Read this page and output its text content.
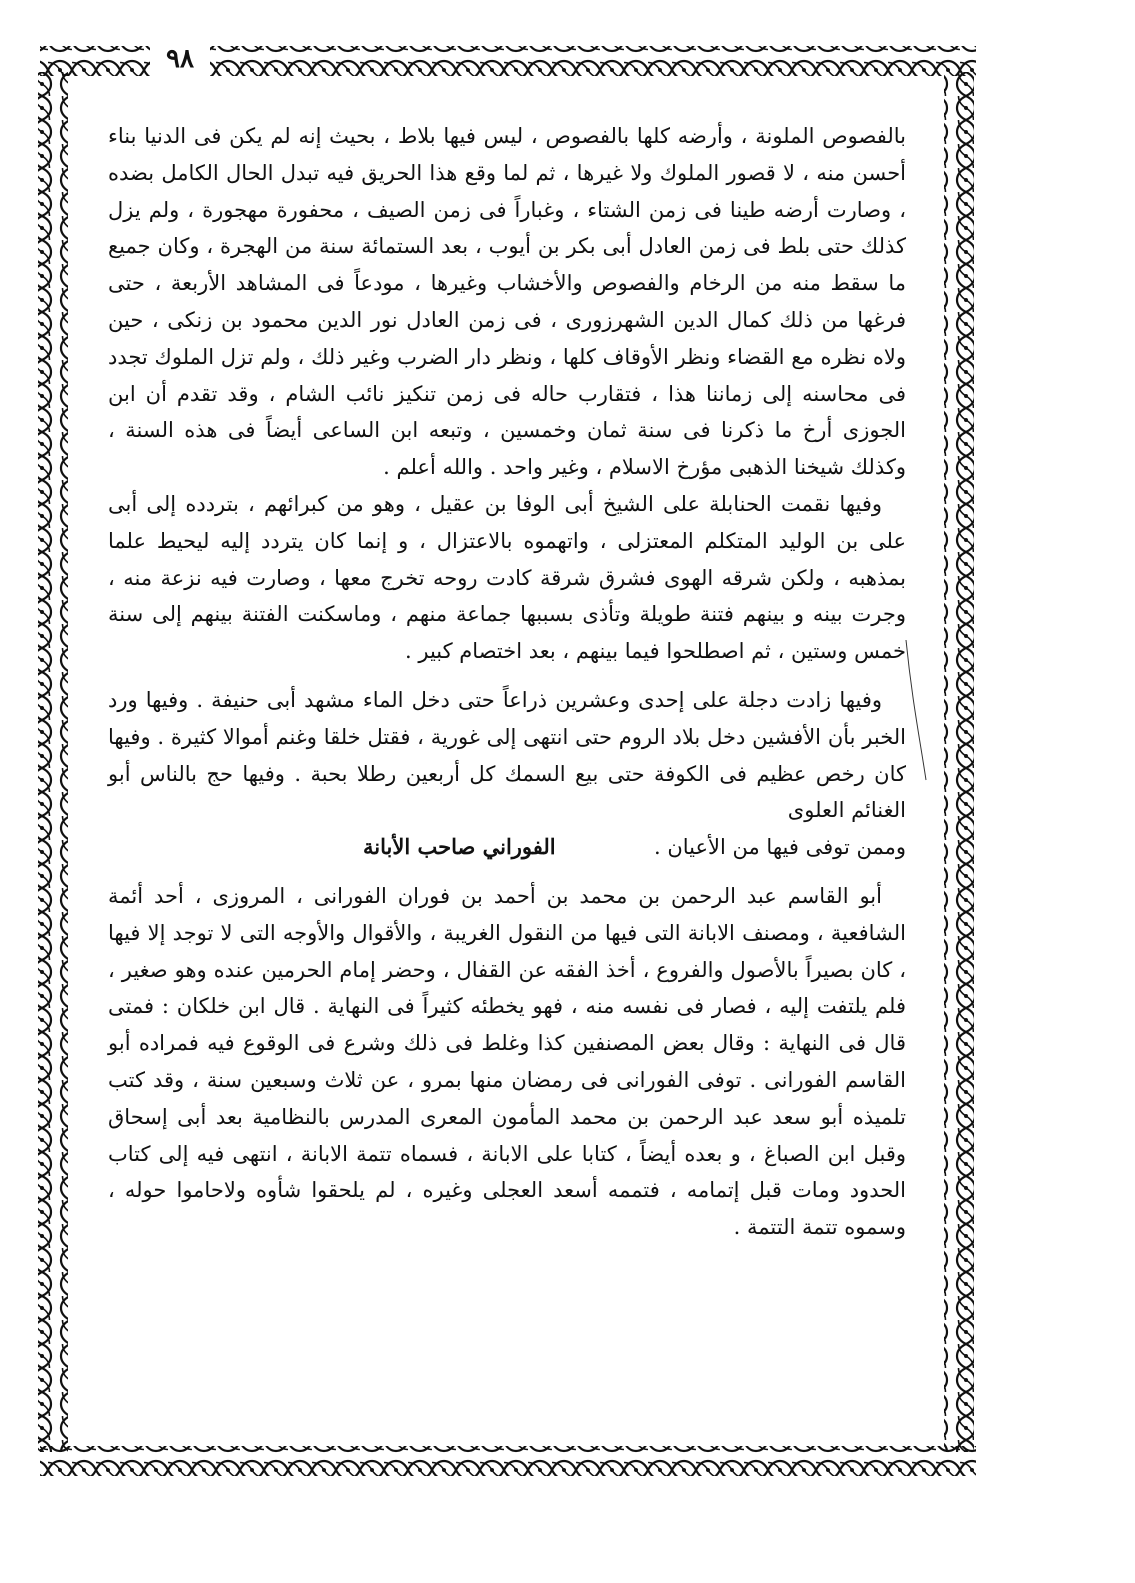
٩٨

بالفصوص الملونة ، وأرضه كلها بالفصوص ، ليس فيها بلاط ، بحيث إنه لم يكن فى الدنيا بناء أحسن منه ، لا قصور الملوك ولا غيرها ، ثم لما وقع هذا الحريق فيه تبدل الحال الكامل بضده ، وصارت أرضه طينا فى زمن الشتاء ، وغباراً فى زمن الصيف ، محفورة مهجورة ، ولم يزل كذلك حتى بلط فى زمن العادل أبى بكر بن أيوب ، بعد الستمائة سنة من الهجرة ، وكان جميع ما سقط منه من الرخام والفصوص والأخشاب وغيرها ، مودعاً فى المشاهد الأربعة ، حتى فرغها من ذلك كمال الدين الشهرزورى ، فى زمن العادل نور الدين محمود بن زنكى ، حين ولاه نظره مع القضاء ونظر الأوقاف كلها ، ونظر دار الضرب وغير ذلك ، ولم تزل الملوك تجدد فى محاسنه إلى زماننا هذا ، فتقارب حاله فى زمن تنكيز نائب الشام ، وقد تقدم أن ابن الجوزى أرخ ما ذكرنا فى سنة ثمان وخمسين ، وتبعه ابن الساعى أيضاً فى هذه السنة ، وكذلك شيخنا الذهبى مؤرخ الاسلام ، وغير واحد . والله أعلم .

وفيها نقمت الحنابلة على الشيخ أبى الوفا بن عقيل ، وهو من كبرائهم ، بتردده إلى أبى على بن الوليد المتكلم المعتزلى ، واتهموه بالاعتزال ، و إنما كان يتردد إليه ليحيط علما بمذهبه ، ولكن شرقه الهوى فشرق شرقة كادت روحه تخرج معها ، وصارت فيه نزعة منه ، وجرت بينه و بينهم فتنة طويلة وتأذى بسببها جماعة منهم ، وماسكنت الفتنة بينهم إلى سنة خمس وستين ، ثم اصطلحوا فيما بينهم ، بعد اختصام كبير .

وفيها زادت دجلة على إحدى وعشرين ذراعاً حتى دخل الماء مشهد أبى حنيفة . وفيها ورد الخبر بأن الأفشين دخل بلاد الروم حتى انتهى إلى غورية ، فقتل خلقا وغنم أموالا كثيرة . وفيها كان رخص عظيم فى الكوفة حتى بيع السمك كل أربعين رطلا بحبة . وفيها حج بالناس أبو الغنائم العلوى

وممن توفى فيها من الأعيان .
الفوراني صاحب الأبانة

أبو القاسم عبد الرحمن بن محمد بن أحمد بن فوران الفورانى ، المروزى ، أحد أئمة الشافعية ، ومصنف الابانة التى فيها من النقول الغريبة ، والأقوال والأوجه التى لا توجد إلا فيها ، كان بصيراً بالأصول والفروع ، أخذ الفقه عن القفال ، وحضر إمام الحرمين عنده وهو صغير ، فلم يلتفت إليه ، فصار فى نفسه منه ، فهو يخطئه كثيراً فى النهاية . قال ابن خلكان : فمتى قال فى النهاية : وقال بعض المصنفين كذا وغلط فى ذلك وشرع فى الوقوع فيه فمراده أبو القاسم الفورانى . توفى الفورانى فى رمضان منها بمرو ، عن ثلاث وسبعين سنة ، وقد كتب تلميذه أبو سعد عبد الرحمن بن محمد المأمون المعرى المدرس بالنظامية بعد أبى إسحاق وقبل ابن الصباغ ، و بعده أيضاً ، كتابا على الابانة ، فسماه تتمة الابانة ، انتهى فيه إلى كتاب الحدود ومات قبل إتمامه ، فتممه أسعد العجلى وغيره ، لم يلحقوا شأوه ولاحاموا حوله ، وسموه تتمة التتمة .
